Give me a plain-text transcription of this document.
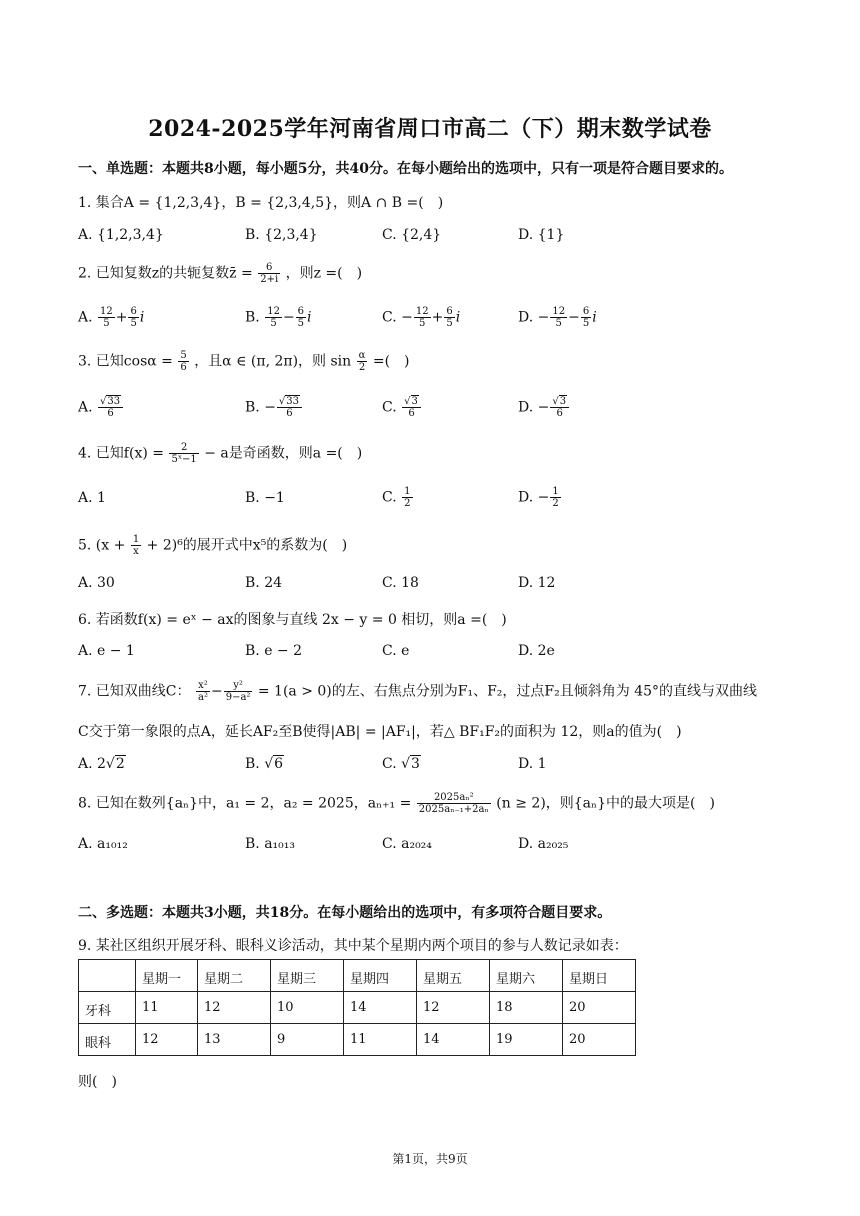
2024-2025学年河南省周口市高二（下）期末数学试卷
一、单选题：本题共8小题，每小题5分，共40分。在每小题给出的选项中，只有一项是符合题目要求的。
1. 集合A = {1,2,3,4}，B = {2,3,4,5}，则A ∩ B =(　)
A. {1,2,3,4}	B. {2,3,4}	C. {2,4}	D. {1}
2. 已知复数z的共轭复数z̄ = $\frac{6}{2+i}$ ，则z =(　)
A. $\frac{12}{5} + \frac{6}{5}$ i	B. $\frac{12}{5} - \frac{6}{5}$ i	C. − $\frac{12}{5} + \frac{6}{5}$ i	D. − $\frac{12}{5} - \frac{6}{5}$ i
3. 已知$\cos\alpha = \frac{5}{6}$ ，且α ∈ (π, 2π)，则 $\sin \frac{\alpha}{2}$ =(　)
A. $\frac{√33}{6}$	B. − $\frac{√33}{6}$	C. $\frac{√3}{6}$	D. − $\frac{√3}{6}$
4. 已知$f(x) = \frac{2}{\text{5ˣ−1}} - a$是奇函数，则a =(　)
A. 1	B. −1	C. $\frac{1}{2}$	D. − $\frac{1}{2}$
5. $(x + \frac{1}{x} + 2)^6$的展开式中x⁵的系数为(　)
A. 30	B. 24	C. 18	D. 12
6. 若函数f(x) = eˣ − ax的图象与直线 2x − y = 0 相切，则a =(　)
A. e − 1	B. e − 2	C. e	D. 2e
7. 已知双曲线C： $\frac{\text{x²}}{\text{a²}} - \frac{\text{y²}}{\text{9−a²}} = 1(a > 0)$的左、右焦点分别为F₁、F₂，过点F₂且倾斜角为 45°的直线与双曲线
C交于第一象限的点A，延长AF₂至B使得|AB| = |AF₁|，若△ BF₁F₂的面积为 12，则a的值为(　)
A. 2√2	B. √6	C. √3	D. 1
8. 已知在数列{aₙ}中，a₁ = 2，a₂ = 2025，$a_{n+1} = \frac{\text{2025aₙ²}}{\text{2025aₙ₋₁+2aₙ}} (n \ge 2)$，则{aₙ}中的最大项是(　)
A. a₁₀₁₂	B. a₁₀₁₃	C. a₂₀₂₄	D. a₂₀₂₅
二、多选题：本题共3小题，共18分。在每小题给出的选项中，有多项符合题目要求。
9. 某社区组织开展牙科、眼科义诊活动，其中某个星期内两个项目的参与人数记录如表：
	星期一	星期二	星期三	星期四	星期五	星期六	星期日
牙科	11	12	10	14	12	18	20
眼科	12	13	9	11	14	19	20
则(　)
第1页，共9页
